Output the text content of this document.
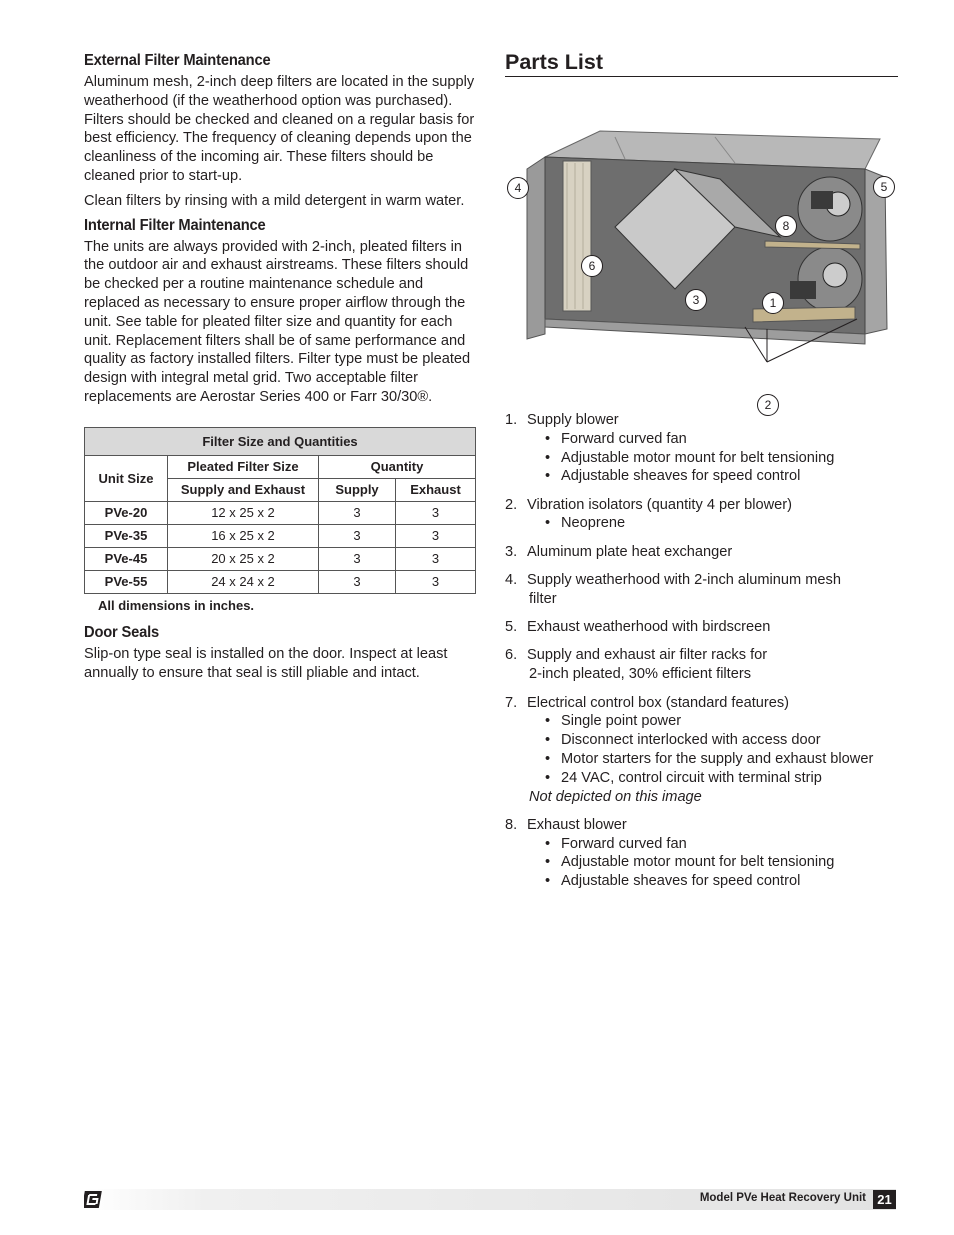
External Filter Maintenance

Aluminum mesh, 2-inch deep filters are located in the supply weatherhood (if the weatherhood option was purchased). Filters should be checked and cleaned on a regular basis for best efficiency. The frequency of cleaning depends upon the cleanliness of the incoming air. These filters should be cleaned prior to start-up.

Clean filters by rinsing with a mild detergent in warm water.

Internal Filter Maintenance

The units are always provided with 2-inch, pleated filters in the outdoor air and exhaust airstreams. These filters should be checked per a routine maintenance schedule and replaced as necessary to ensure proper airflow through the unit. See table for pleated filter size and quantity for each unit. Replacement filters shall be of same performance and quality as factory installed filters. Filter type must be pleated design with integral metal grid. Two acceptable filter replacements are Aerostar Series 400 or Farr 30/30®.

Filter Size and Quantities			
Unit Size	Pleated Filter Size	Quantity	
	Supply and Exhaust	Supply	Exhaust
PVe-20	12 x 25 x 2	3	3
PVe-35	16 x 25 x 2	3	3
PVe-45	20 x 25 x 2	3	3
PVe-55	24 x 24 x 2	3	3
All dimensions in inches.
Door Seals

Slip-on type seal is installed on the door. Inspect at least annually to ensure that seal is still pliable and intact.

Parts List
4	5
8
6
3	1
2
1. Supply blower
• Forward curved fan
• Adjustable motor mount for belt tensioning
• Adjustable sheaves for speed control
2. Vibration isolators (quantity 4 per blower)
• Neoprene
3. Aluminum plate heat exchanger
4. Supply weatherhood with 2-inch aluminum mesh
filter
5. Exhaust weatherhood with birdscreen
6. Supply and exhaust air filter racks for
2-inch pleated, 30% efficient filters
7. Electrical control box (standard features)
• Single point power
• Disconnect interlocked with access door
• Motor starters for the supply and exhaust blower
• 24 VAC, control circuit with terminal strip
Not depicted on this image
8. Exhaust blower
• Forward curved fan
• Adjustable motor mount for belt tensioning
• Adjustable sheaves for speed control
Model PVe Heat Recovery Unit 21
